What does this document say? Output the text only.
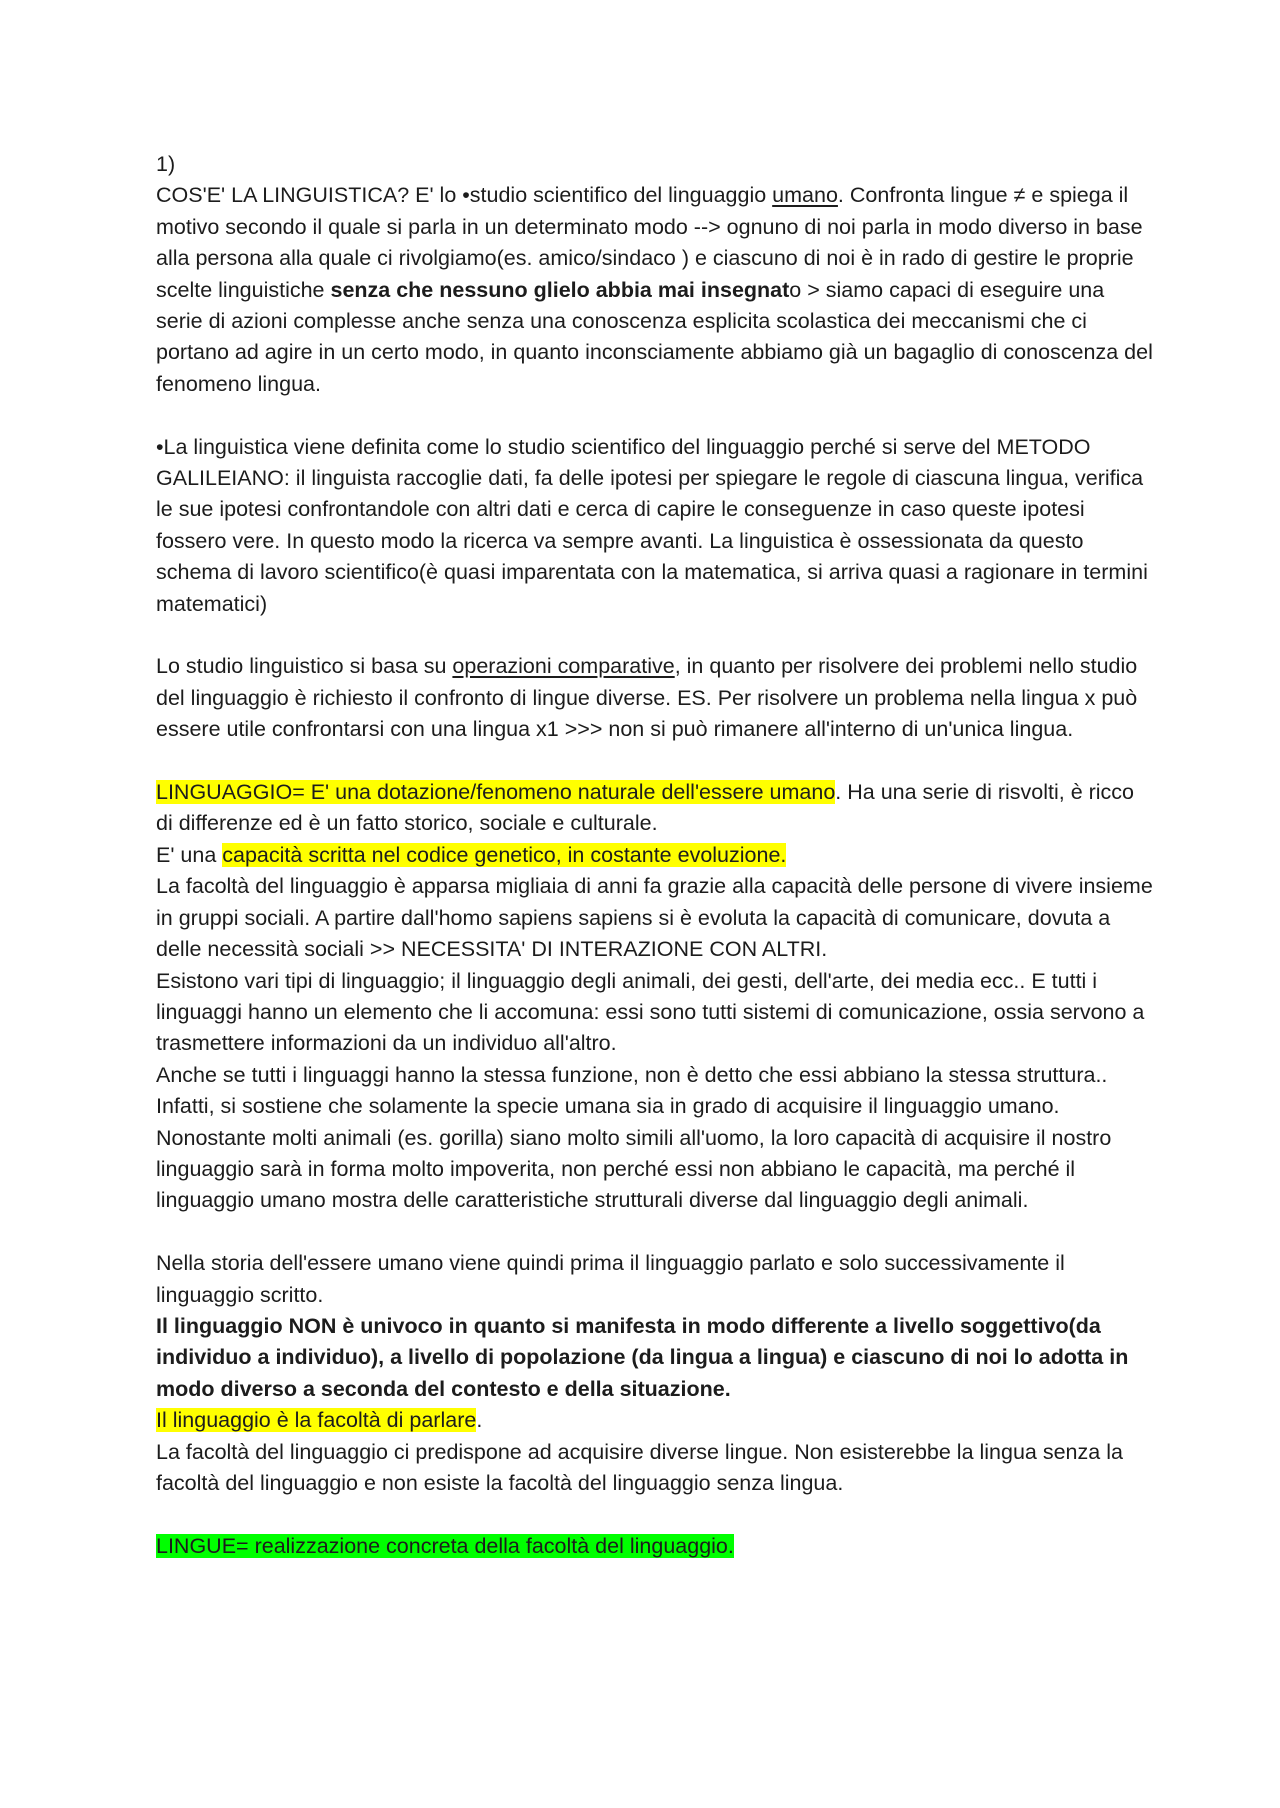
1)

COS'E' LA LINGUISTICA? E' lo •studio scientifico del linguaggio umano. Confronta lingue ≠ e spiega il motivo secondo il quale si parla in un determinato modo --> ognuno di noi parla in modo diverso in base alla persona alla quale ci rivolgiamo(es. amico/sindaco ) e ciascuno di noi è in rado di gestire le proprie scelte linguistiche senza che nessuno glielo abbia mai insegnato > siamo capaci di eseguire una serie di azioni complesse anche senza una conoscenza esplicita scolastica dei meccanismi che ci portano ad agire in un certo modo, in quanto inconsciamente abbiamo già un bagaglio di conoscenza del fenomeno lingua.

•La linguistica viene definita come lo studio scientifico del linguaggio perché si serve del METODO GALILEIANO: il linguista raccoglie dati, fa delle ipotesi per spiegare le regole di ciascuna lingua, verifica le sue ipotesi confrontandole con altri dati e cerca di capire le conseguenze in caso queste ipotesi fossero vere. In questo modo la ricerca va sempre avanti. La linguistica è ossessionata da questo schema di lavoro scientifico(è quasi imparentata con la matematica, si arriva quasi a ragionare in termini matematici)

Lo studio linguistico si basa su operazioni comparative, in quanto per risolvere dei problemi nello studio del linguaggio è richiesto il confronto di lingue diverse. ES. Per risolvere un problema nella lingua x può essere utile confrontarsi con una lingua x1 >>> non si può rimanere all'interno di un'unica lingua.

LINGUAGGIO= E' una dotazione/fenomeno naturale dell'essere umano. Ha una serie di risvolti, è ricco di differenze ed è un fatto storico, sociale e culturale.

E' una capacità scritta nel codice genetico, in costante evoluzione.

La facoltà del linguaggio è apparsa migliaia di anni fa grazie alla capacità delle persone di vivere insieme in gruppi sociali. A partire dall'homo sapiens sapiens si è evoluta la capacità di comunicare, dovuta a delle necessità sociali >> NECESSITA' DI INTERAZIONE CON ALTRI.

Esistono vari tipi di linguaggio; il linguaggio degli animali, dei gesti, dell'arte, dei media ecc.. E tutti i linguaggi hanno un elemento che li accomuna: essi sono tutti sistemi di comunicazione, ossia servono a trasmettere informazioni da un individuo all'altro.

Anche se tutti i linguaggi hanno la stessa funzione, non è detto che essi abbiano la stessa struttura.. Infatti, si sostiene che solamente la specie umana sia in grado di acquisire il linguaggio umano. Nonostante molti animali (es. gorilla) siano molto simili all'uomo, la loro capacità di acquisire il nostro linguaggio sarà in forma molto impoverita, non perché essi non abbiano le capacità, ma perché il linguaggio umano mostra delle caratteristiche strutturali diverse dal linguaggio degli animali.

Nella storia dell'essere umano viene quindi prima il linguaggio parlato e solo successivamente il linguaggio scritto.

Il linguaggio NON è univoco in quanto si manifesta in modo differente a livello soggettivo(da individuo a individuo), a livello di popolazione (da lingua a lingua) e ciascuno di noi lo adotta in modo diverso a seconda del contesto e della situazione.

Il linguaggio è la facoltà di parlare.

La facoltà del linguaggio ci predispone ad acquisire diverse lingue. Non esisterebbe la lingua senza la facoltà del linguaggio e non esiste la facoltà del linguaggio senza lingua.

LINGUE= realizzazione concreta della facoltà del linguaggio.
